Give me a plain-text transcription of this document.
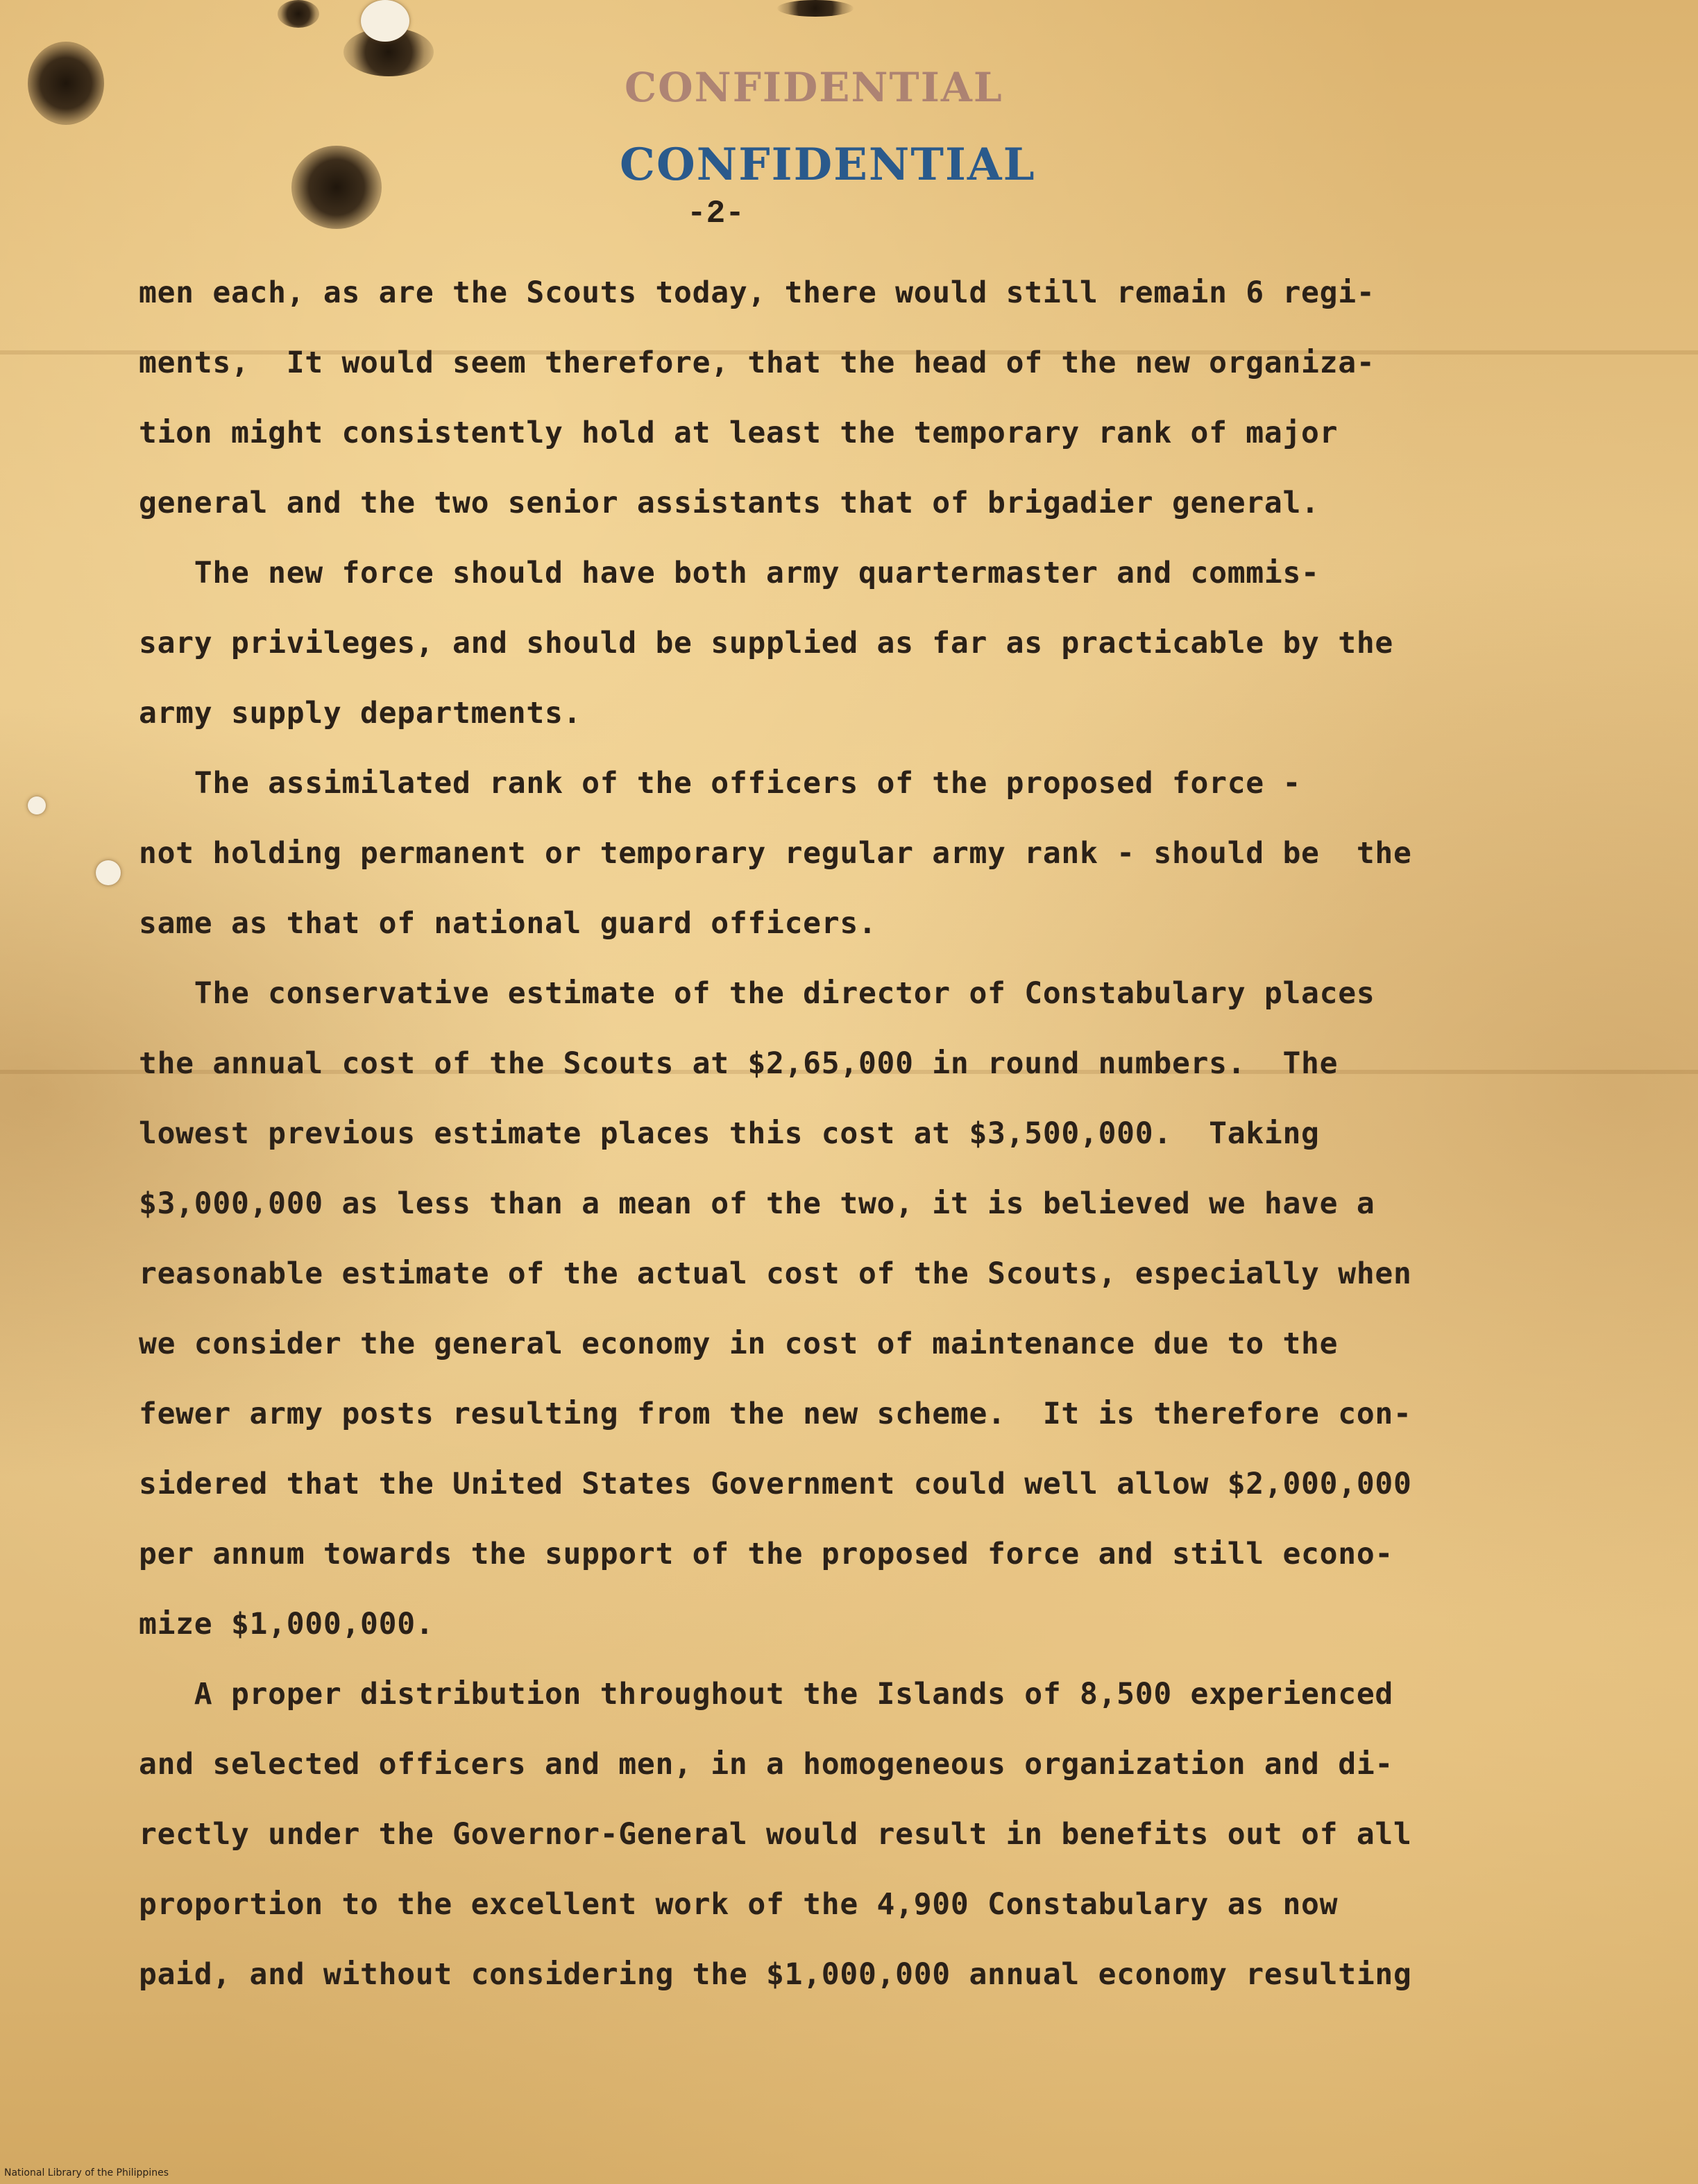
CONFIDENTIAL
CONFIDENTIAL
-2-
men each, as are the Scouts today, there would still remain 6 regi-
ments,  It would seem therefore, that the head of the new organiza-
tion might consistently hold at least the temporary rank of major
general and the two senior assistants that of brigadier general.
The new force should have both army quartermaster and commis-
sary privileges, and should be supplied as far as practicable by the
army supply departments.
The assimilated rank of the officers of the proposed force -
not holding permanent or temporary regular army rank - should be  the
same as that of national guard officers.
The conservative estimate of the director of Constabulary places
the annual cost of the Scouts at $2,65,000 in round numbers.  The
lowest previous estimate places this cost at $3,500,000.  Taking
$3,000,000 as less than a mean of the two, it is believed we have a
reasonable estimate of the actual cost of the Scouts, especially when
we consider the general economy in cost of maintenance due to the
fewer army posts resulting from the new scheme.  It is therefore con-
sidered that the United States Government could well allow $2,000,000
per annum towards the support of the proposed force and still econo-
mize $1,000,000.
A proper distribution throughout the Islands of 8,500 experienced
and selected officers and men, in a homogeneous organization and di-
rectly under the Governor-General would result in benefits out of all
proportion to the excellent work of the 4,900 Constabulary as now
paid, and without considering the $1,000,000 annual economy resulting
National Library of the Philippines
